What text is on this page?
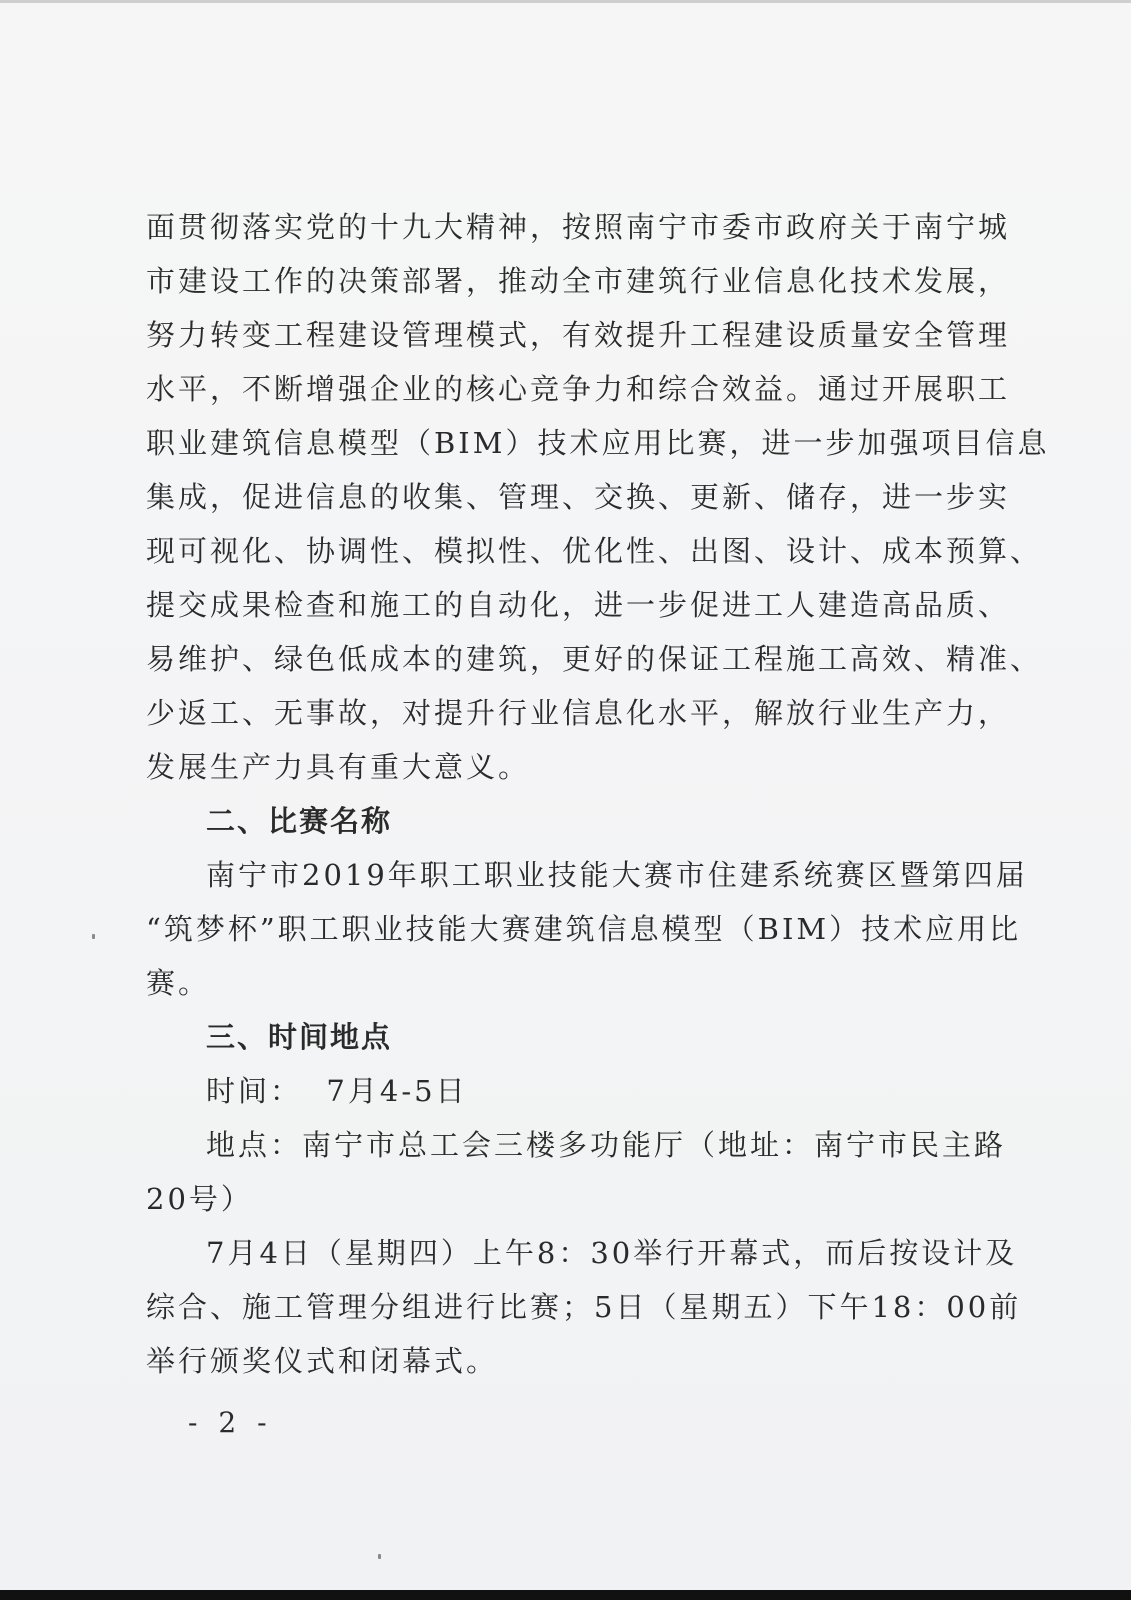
面贯彻落实党的十九大精神，按照南宁市委市政府关于南宁城
市建设工作的决策部署，推动全市建筑行业信息化技术发展，
努力转变工程建设管理模式，有效提升工程建设质量安全管理
水平，不断增强企业的核心竞争力和综合效益。通过开展职工
职业建筑信息模型（BIM）技术应用比赛，进一步加强项目信息
集成，促进信息的收集、管理、交换、更新、储存，进一步实
现可视化、协调性、模拟性、优化性、出图、设计、成本预算、
提交成果检查和施工的自动化，进一步促进工人建造高品质、
易维护、绿色低成本的建筑，更好的保证工程施工高效、精准、
少返工、无事故，对提升行业信息化水平，解放行业生产力，
发展生产力具有重大意义。
二、比赛名称
南宁市2019年职工职业技能大赛市住建系统赛区暨第四届
“筑梦杯”职工职业技能大赛建筑信息模型（BIM）技术应用比
赛。
三、时间地点
时间：  7月4-5日
地点：南宁市总工会三楼多功能厅（地址：南宁市民主路
20号）
7月4日（星期四）上午8：30举行开幕式，而后按设计及
综合、施工管理分组进行比赛；5日（星期五）下午18：00前
举行颁奖仪式和闭幕式。
- 2 -
